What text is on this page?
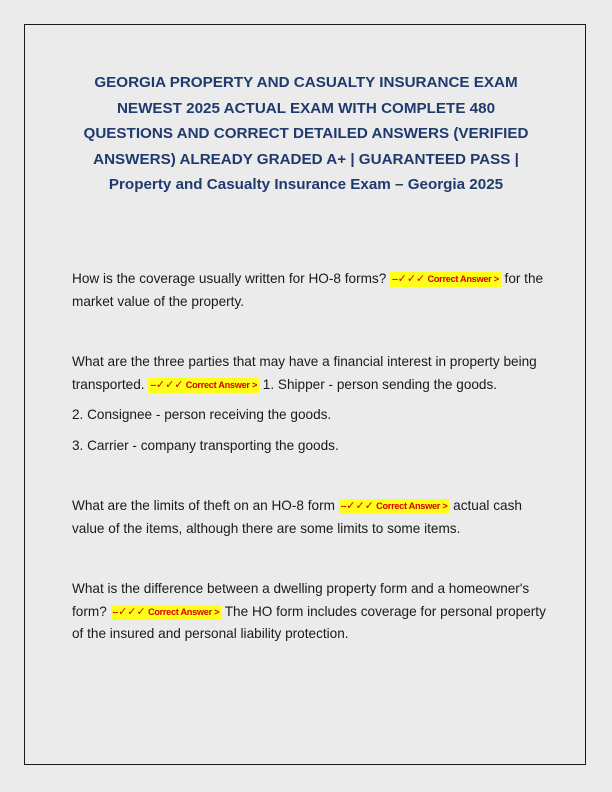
GEORGIA PROPERTY AND CASUALTY INSURANCE EXAM
NEWEST 2025 ACTUAL EXAM WITH COMPLETE 480
QUESTIONS AND CORRECT DETAILED ANSWERS (VERIFIED
ANSWERS) ALREADY GRADED A+ | GUARANTEED PASS |
Property and Casualty Insurance Exam – Georgia 2025

How is the coverage usually written for HO-8 forms? --✓✓✓ Correct Answer > for the market value of the property.

What are the three parties that may have a financial interest in property being transported. --✓✓✓ Correct Answer > 1. Shipper - person sending the goods.

2. Consignee - person receiving the goods.

3. Carrier - company transporting the goods.

What are the limits of theft on an HO-8 form --✓✓✓ Correct Answer > actual cash value of the items, although there are some limits to some items.

What is the difference between a dwelling property form and a homeowner's form? --✓✓✓ Correct Answer > The HO form includes coverage for personal property of the insured and personal liability protection.
